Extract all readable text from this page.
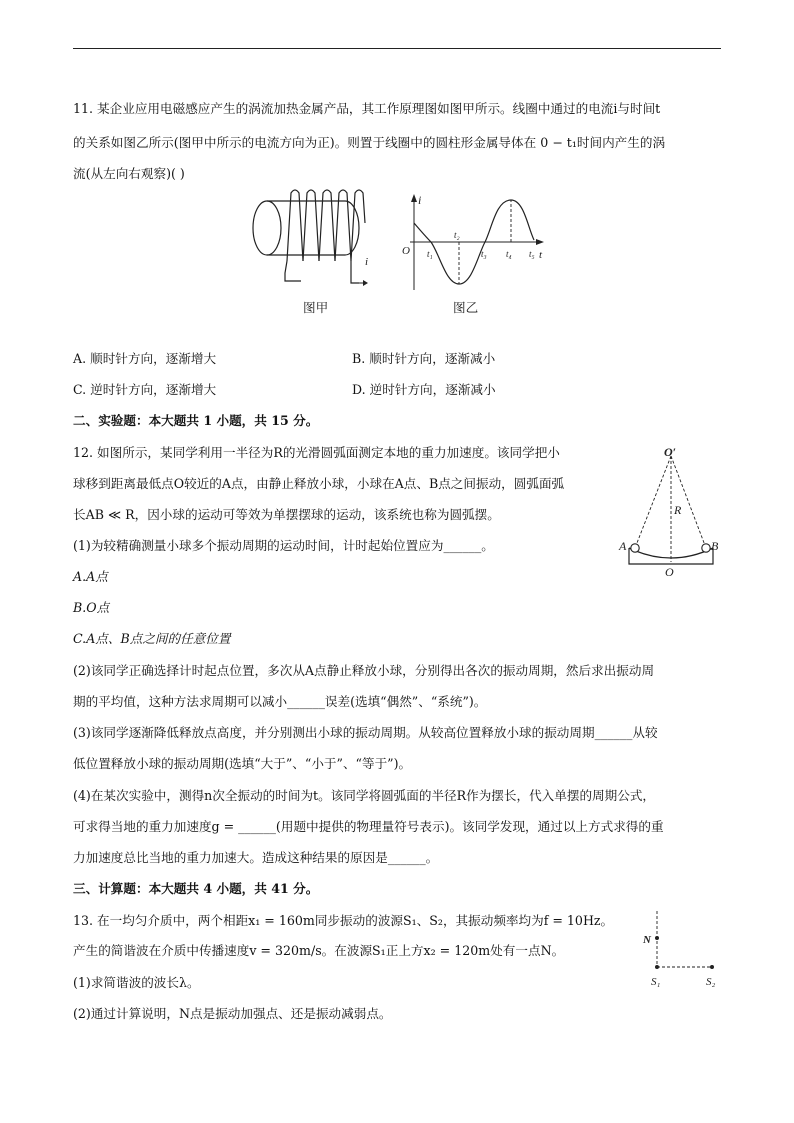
11. 某企业应用电磁感应产生的涡流加热金属产品，其工作原理图如图甲所示。线圈中通过的电流i与时间t
的关系如图乙所示(图甲中所示的电流方向为正)。则置于线圈中的圆柱形金属导体在 0 − t₁时间内产生的涡
流(从左向右观察)( )
i
图甲
i
O	t
t₁
t₂
t₃ t₄ t₅
图乙
A. 顺时针方向，逐渐增大	B. 顺时针方向，逐渐减小
C. 逆时针方向，逐渐增大	D. 逆时针方向，逐渐减小
二、实验题：本大题共 1 小题，共 15 分。
12. 如图所示，某同学利用一半径为R的光滑圆弧面测定本地的重力加速度。该同学把小
球移到距离最低点O较近的A点，由静止释放小球，小球在A点、B点之间振动，圆弧面弧
长AB ≪ R，因小球的运动可等效为单摆摆球的运动，该系统也称为圆弧摆。
(1)为较精确测量小球多个振动周期的运动时间，计时起始位置应为______。
A.A点
B.O点
C.A点、B点之间的任意位置
(2)该同学正确选择计时起点位置，多次从A点静止释放小球，分别得出各次的振动周期，然后求出振动周
期的平均值，这种方法求周期可以减小______误差(选填“偶然”、“系统”)。
(3)该同学逐渐降低释放点高度，并分别测出小球的振动周期。从较高位置释放小球的振动周期______从较
低位置释放小球的振动周期(选填“大于”、“小于”、“等于”)。
(4)在某次实验中，测得n次全振动的时间为t。该同学将圆弧面的半径R作为摆长，代入单摆的周期公式，
可求得当地的重力加速度g = ______(用题中提供的物理量符号表示)。该同学发现，通过以上方式求得的重
力加速度总比当地的重力加速大。造成这种结果的原因是______。
O′
R
A	B
O
三、计算题：本大题共 4 小题，共 41 分。
13. 在一均匀介质中，两个相距x₁ = 160m同步振动的波源S₁、S₂，其振动频率均为f = 10Hz。
产生的简谐波在介质中传播速度v = 320m/s。在波源S₁正上方x₂ = 120m处有一点N。
(1)求简谐波的波长λ。
(2)通过计算说明，N点是振动加强点、还是振动减弱点。
N
S₁	S₂
